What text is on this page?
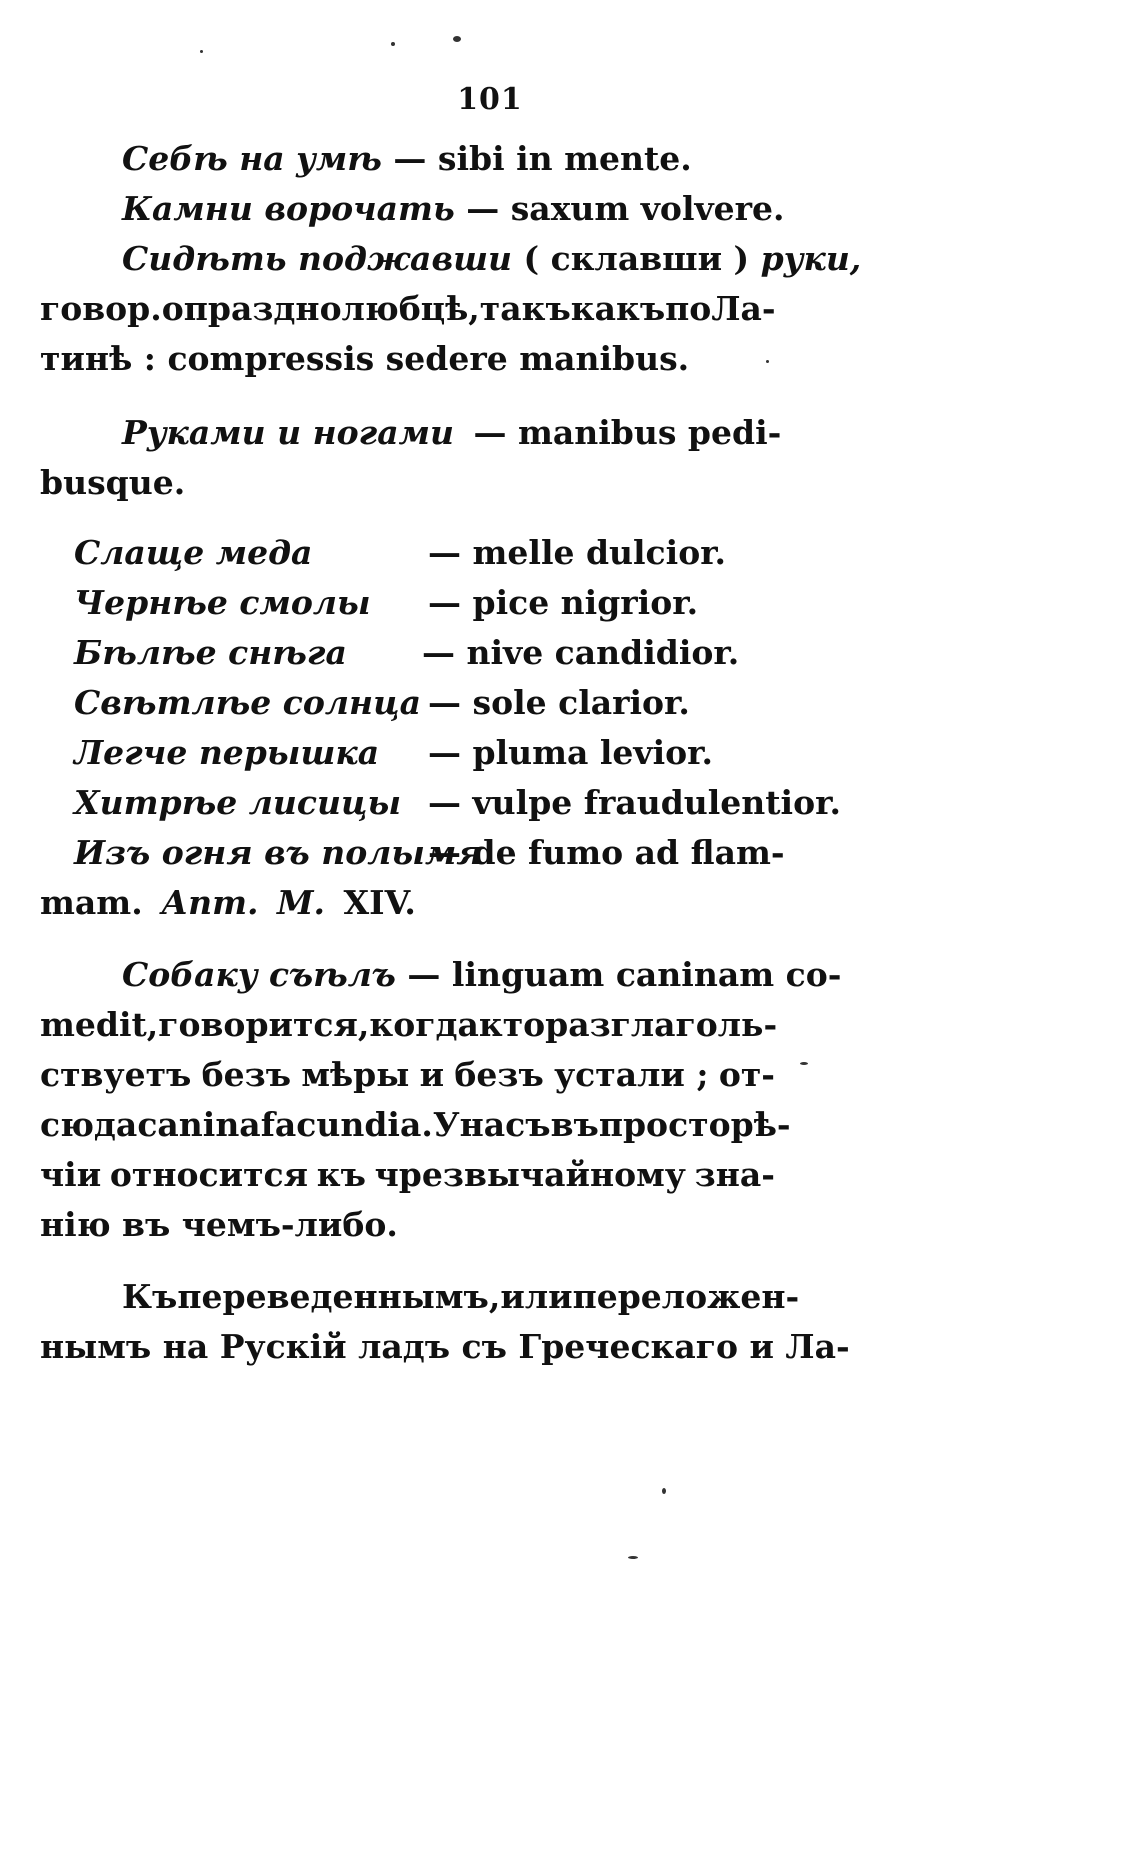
101
Себѣ на умѣ — sibi in mente.
Камни ворочать — saxum volvere.
Сидѣть поджавши ( склавши ) руки,
говор. о празднолюбцѣ, такъ какъ по Ла-
тинѣ : compressis sedere manibus.
Руками и ногами — manibus pedi-
busque.
Слаще меда	— melle dulcior.
Чернѣе смолы — pice nigrior.
Бѣлѣе снѣга — nive candidior.
Свѣтлѣе солнца — sole clarior.
Легче перышка — pluma levior.
Хитрѣе лисицы — vulpe fraudulentior.
Изъ огня въ полымя
— de fumo ad flam-
mam. Апт. М. XIV.
Собаку съѣлъ — linguam caninam co-
medit, говорится, когда кто разглаголь-
ствуетъ безъ мѣры и безъ устали ; от-
сюда canina facundia. У насъ въ просторѣ-
чіи относится къ чрезвычайному зна-
нію въ чемъ-либо.
Къ переведеннымъ, или переложен-
нымъ на Рускій ладъ съ Греческаго и Ла-
